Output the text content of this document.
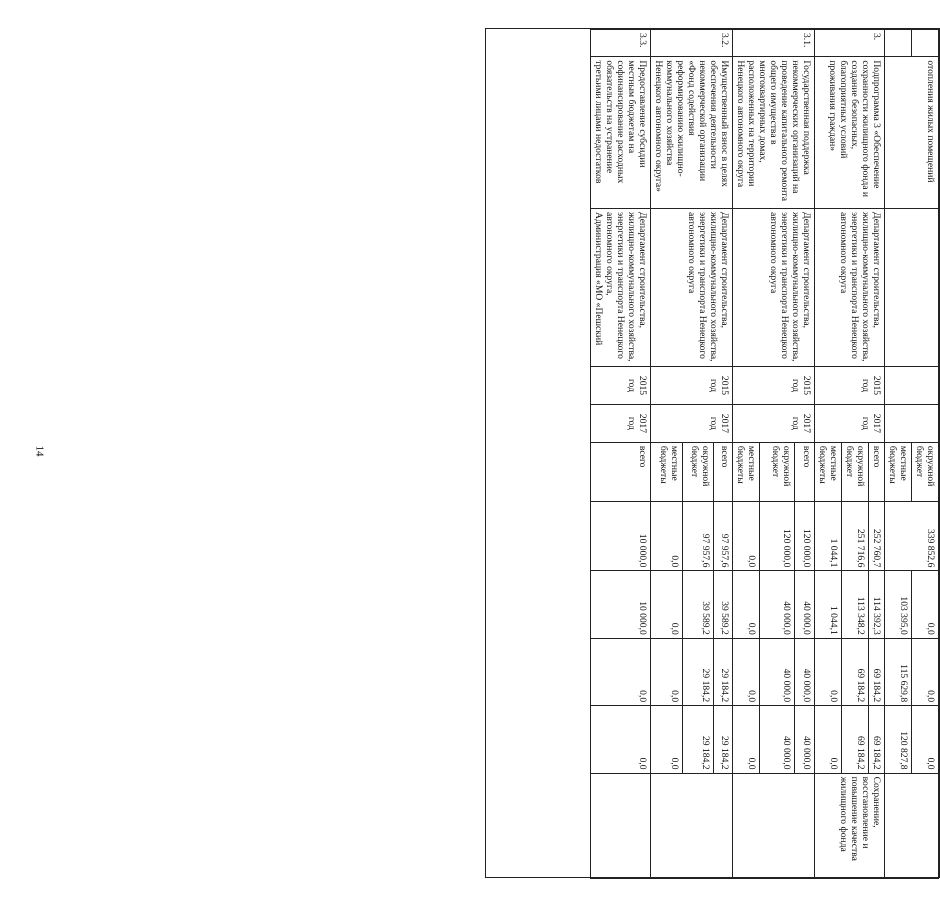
14
	отопления жилых помещений				окружной бюджет	339 852,6	0,0	0,0	0,0	
					местные бюджеты		103 395,0	115 629,8	120 827,8	
3.	Подпрограмма 3 «Обеспечение сохранности жилищного фонда и создание безопасных, благоприятных условий проживания граждан»	Департамент строительства, жилищно-коммунального хозяйства, энергетики и транспорта Ненецкого автономного округа	2015 год	2017 год	всего	252 760,7	114 392,3	69 184,2	69 184,2	Сохранение, восстановление и повышение качества жилищного фонда
					окружной бюджет	251 716,6	113 348,2	69 184,2	69 184,2	
					местные бюджеты	1 044,1	1 044,1	0,0	0,0	
3.1.	Государственная поддержка некоммерческих организаций на проведение капитального ремонта общего имущества в многоквартирных домах, расположенных на территории Ненецкого автономного округа	Департамент строительства, жилищно-коммунального хозяйства, энергетики и транспорта Ненецкого автономного округа	2015 год	2017 год	всего	120 000,0	40 000,0	40 000,0	40 000,0	
					окружной бюджет	120 000,0	40 000,0	40 000,0	40 000,0	
					местные бюджеты	0,0	0,0	0,0	0,0	
3.2.	Имущественный взнос в целях обеспечения деятельности некоммерческой организации «Фонд содействия реформированию жилищно-коммунального хозяйства Ненецкого автономного округа»	Департамент строительства, жилищно-коммунального хозяйства, энергетики и транспорта Ненецкого автономного округа	2015 год	2017 год	всего	97 957,6	39 589,2	29 184,2	29 184,2	
					окружной бюджет	97 957,6	39 589,2	29 184,2	29 184,2	
					местные бюджеты	0,0	0,0	0,0	0,0	
3.3.	Предоставление субсидии местным бюджетам на софинансирование расходных обязательств на устранение третьими лицами недостатков	Департамент строительства, жилищно-коммунального хозяйства, энергетики и транспорта Ненецкого автономного округа, Администрация «МО «Пешский	2015 год	2017 год	всего	10 000,0	10 000,0	0,0	0,0	
